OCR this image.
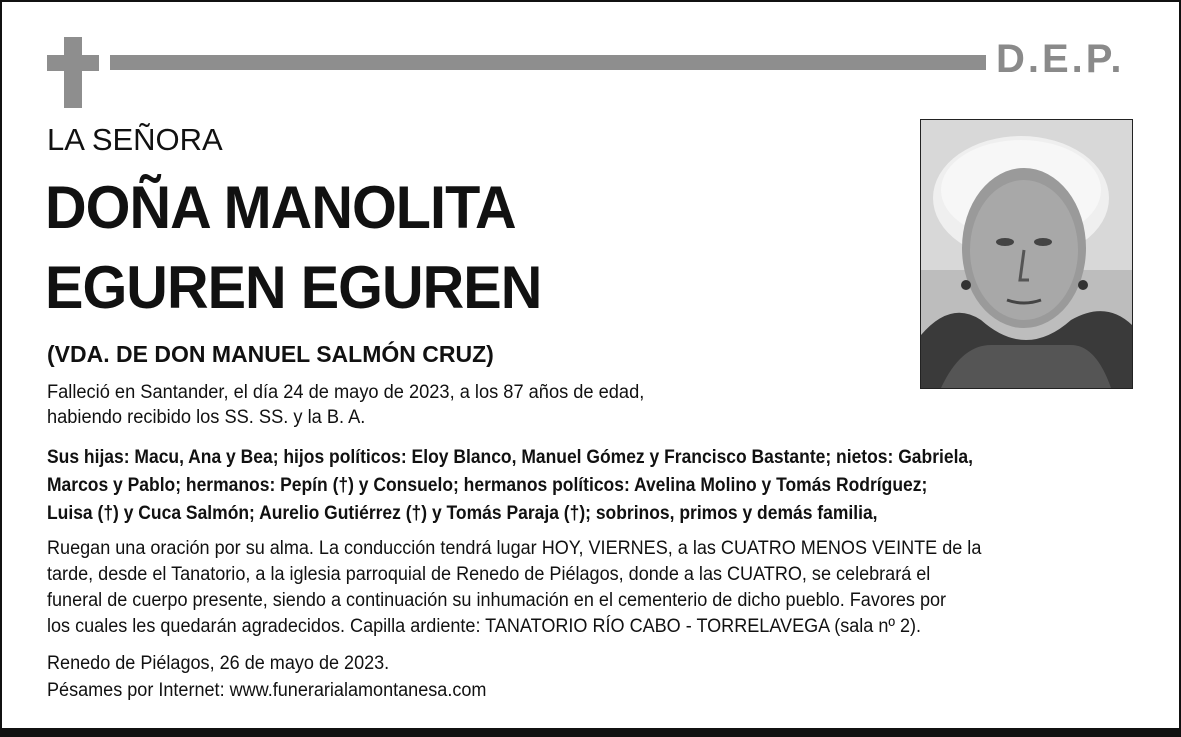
D.E.P.
LA SEÑORA
DOÑA MANOLITA
EGUREN EGUREN
(VDA. DE DON MANUEL SALMÓN CRUZ)
Falleció en Santander, el día 24 de mayo de 2023, a los 87 años de edad,
habiendo recibido los SS. SS. y la B. A.
Sus hijas: Macu, Ana y Bea; hijos políticos: Eloy Blanco, Manuel Gómez y Francisco Bastante; nietos: Gabriela,
Marcos y Pablo; hermanos: Pepín (†) y Consuelo; hermanos políticos: Avelina Molino y Tomás Rodríguez;
Luisa (†) y Cuca Salmón; Aurelio Gutiérrez (†) y Tomás Paraja (†); sobrinos, primos y demás familia,
Ruegan una oración por su alma. La conducción tendrá lugar HOY, VIERNES, a las CUATRO MENOS VEINTE de la
tarde, desde el Tanatorio, a la iglesia parroquial de Renedo de Piélagos, donde a las CUATRO, se celebrará el
funeral de cuerpo presente, siendo a continuación su inhumación en el cementerio de dicho pueblo. Favores por
los cuales les quedarán agradecidos. Capilla ardiente: TANATORIO RÍO CABO - TORRELAVEGA (sala nº 2).
Renedo de Piélagos, 26 de mayo de 2023.
Pésames por Internet: www.funerarialamontanesa.com
